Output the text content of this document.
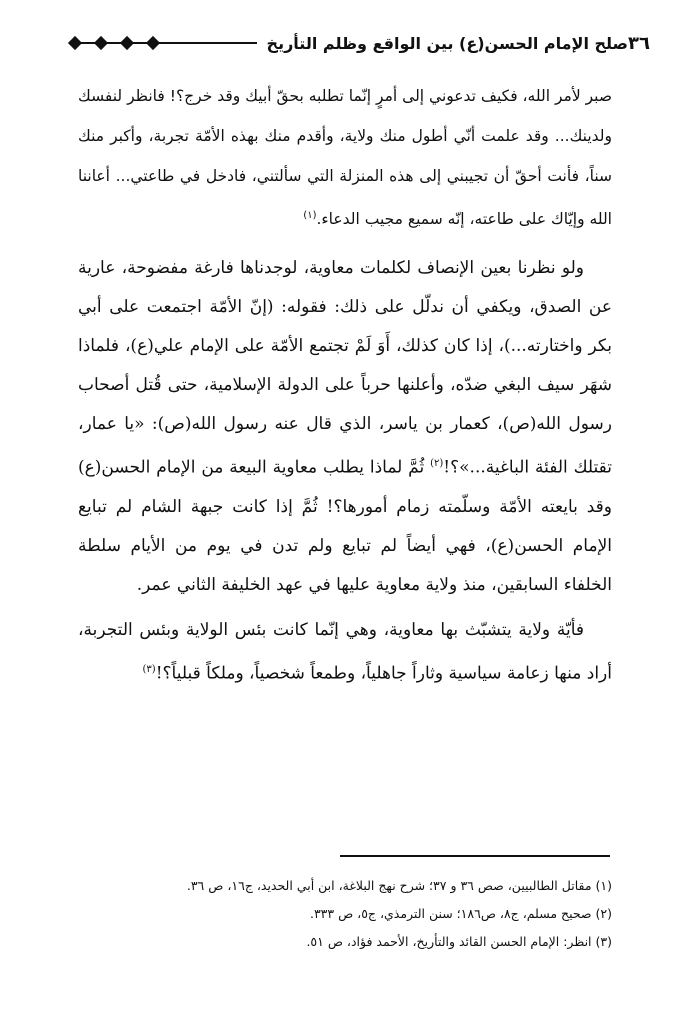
٣٦
صلح الإمام الحسن(ع) بين الواقع وظلم التأريخ

صبر لأمر الله، فكيف تدعوني إلى أمرٍ إنّما تطلبه بحقّ أبيك وقد خرج؟! فانظر لنفسك ولدينك... وقد علمت أنّي أطول منك ولاية، وأقدم منك بهذه الأمّة تجربة، وأكبر منك سناً، فأنت أحقّ أن تجيبني إلى هذه المنزلة التي سألتني، فادخل في طاعتي... أعاننا الله وإيّاك على طاعته، إنّه سميع مجيب الدعاء.$^{(١)}$

ولو نظرنا بعين الإنصاف لكلمات معاوية، لوجدناها فارغة مفضوحة، عارية عن الصدق، ويكفي أن ندلّل على ذلك: فقوله: (إنّ الأمّة اجتمعت على أبي بكر واختارته...)، إذا كان كذلك، أَوَ لَمْ تجتمع الأمّة على الإمام علي(ع)، فلماذا شهَر سيف البغي ضدّه، وأعلنها حرباً على الدولة الإسلامية، حتى قُتل أصحاب رسول الله(ص)، كعمار بن ياسر، الذي قال عنه رسول الله(ص): «يا عمار، تقتلك الفئة الباغية...»؟!$^{(٢)}$ ثُمَّ لماذا يطلب معاوية البيعة من الإمام الحسن(ع) وقد بايعته الأمّة وسلّمته زمام أمورها؟! ثُمَّ إذا كانت جبهة الشام لم تبايع الإمام الحسن(ع)، فهي أيضاً لم تبايع ولم تدن في يوم من الأيام سلطة الخلفاء السابقين، منذ ولاية معاوية عليها في عهد الخليفة الثاني عمر.

فأيّة ولاية يتشبّث بها معاوية، وهي إنّما كانت بئس الولاية وبئس التجربة، أراد منها زعامة سياسية وثاراً جاهلياً، وطمعاً شخصياً، وملكاً قبلياً؟!$^{(٣)}$

(١) مقاتل الطالبيين، صص ٣٦ و ٣٧؛ شرح نهج البلاغة، ابن أبي الحديد، ج١٦، ص ٣٦.
(٢) صحيح مسلم، ج٨، ص١٨٦؛ سنن الترمذي، ج٥، ص ٣٣٣.
(٣) انظر: الإمام الحسن القائد والتأريخ، الأحمد فؤاد، ص ٥١.
